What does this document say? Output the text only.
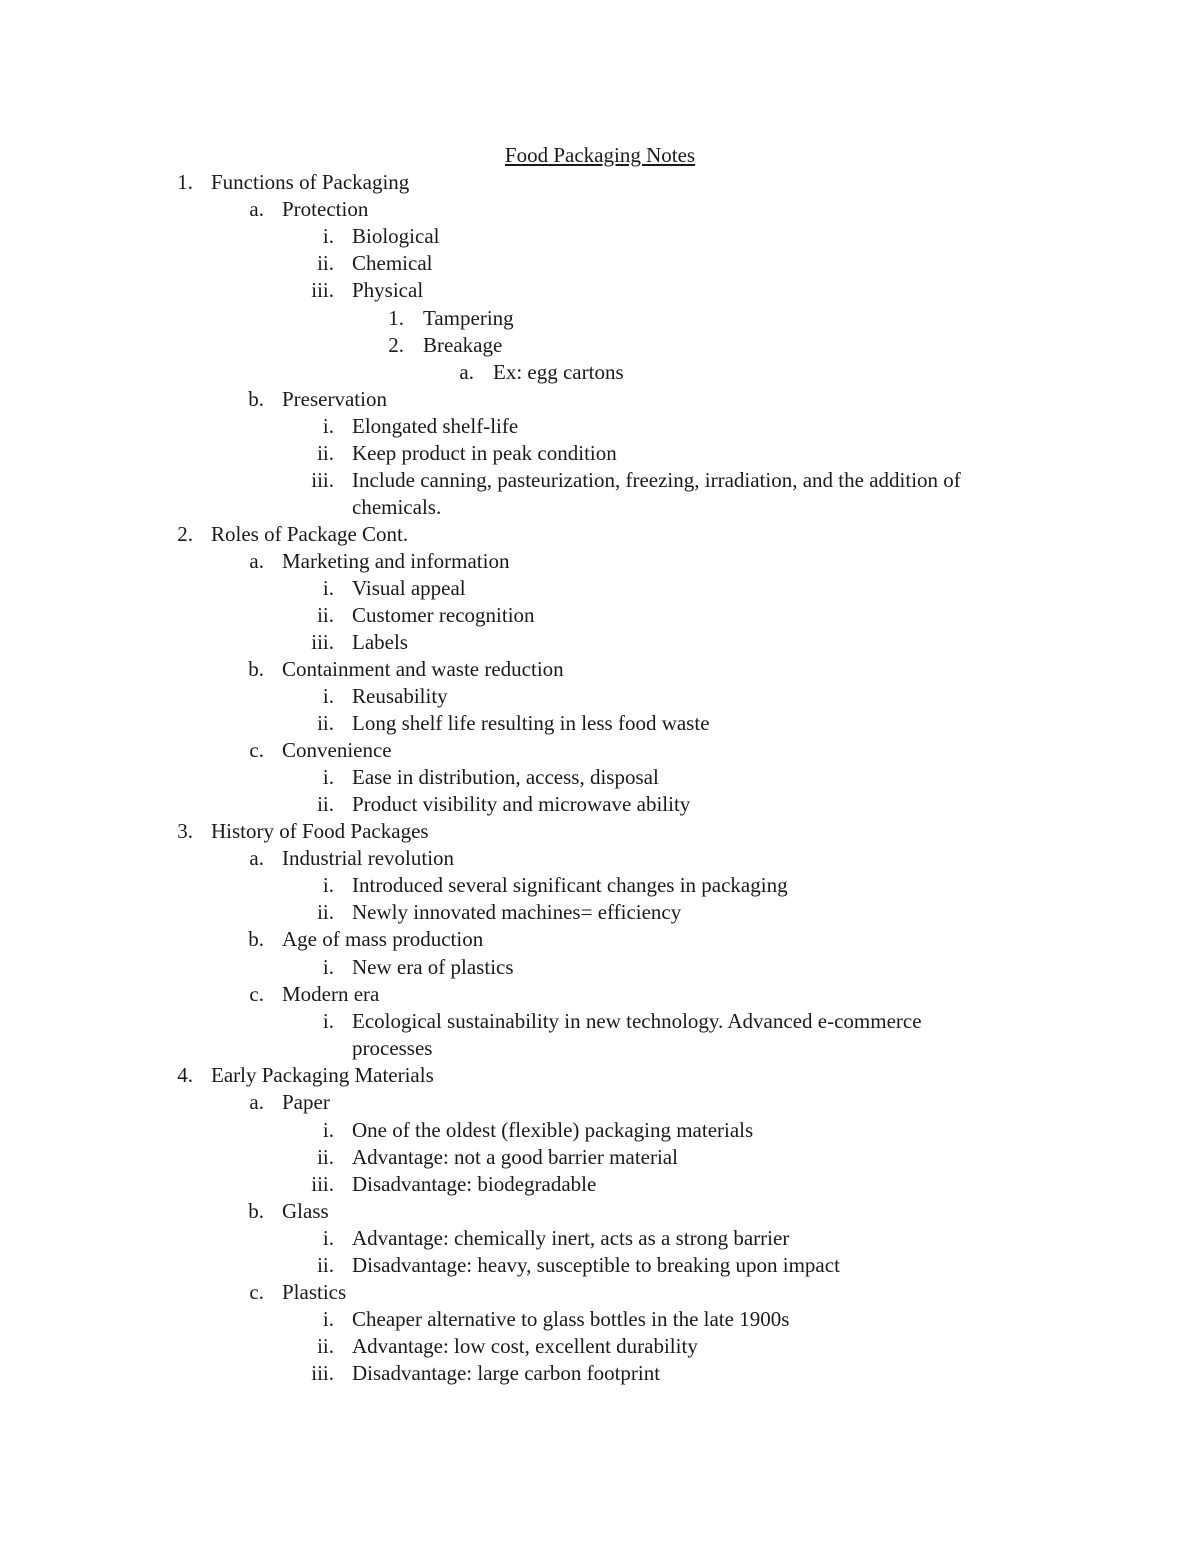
Food Packaging Notes
1. Functions of Packaging
a. Protection
i. Biological
ii. Chemical
iii. Physical
1. Tampering
2. Breakage
a. Ex: egg cartons
b. Preservation
i. Elongated shelf-life
ii. Keep product in peak condition
iii. Include canning, pasteurization, freezing, irradiation, and the addition of
chemicals.
2. Roles of Package Cont.
a. Marketing and information
i. Visual appeal
ii. Customer recognition
iii. Labels
b. Containment and waste reduction
i. Reusability
ii. Long shelf life resulting in less food waste
c. Convenience
i. Ease in distribution, access, disposal
ii. Product visibility and microwave ability
3. History of Food Packages
a. Industrial revolution
i. Introduced several significant changes in packaging
ii. Newly innovated machines= efficiency
b. Age of mass production
i. New era of plastics
c. Modern era
i. Ecological sustainability in new technology. Advanced e-commerce
processes
4. Early Packaging Materials
a. Paper
i. One of the oldest (flexible) packaging materials
ii. Advantage: not a good barrier material
iii. Disadvantage: biodegradable
b. Glass
i. Advantage: chemically inert, acts as a strong barrier
ii. Disadvantage: heavy, susceptible to breaking upon impact
c. Plastics
i. Cheaper alternative to glass bottles in the late 1900s
ii. Advantage: low cost, excellent durability
iii. Disadvantage: large carbon footprint
